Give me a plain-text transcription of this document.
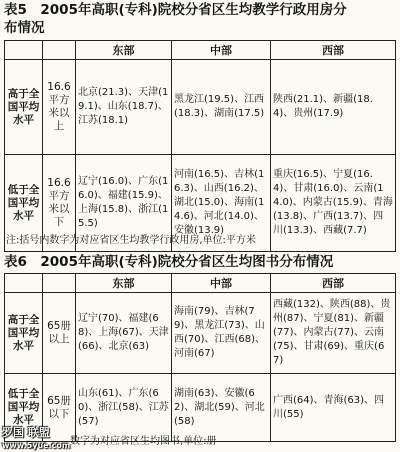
表5　2005年高职(专科)院校分省区生均教学行政用房分
布情况
		东部	中部	西部
高于全国平均水平	16.6平方米以上	北京(21.3)、天津(19.1)、山东(18.7)、江苏(18.1)	黑龙江(19.5)、江西(18.3)、湖南(17.5)	陕西(21.1)、新疆(18.4)、贵州(17.9)
低于全国平均水平	16.6平方米以下	辽宁(16.0)、广东(16.0)、福建(15.9)、上海(15.8)、浙江(15.5)	河南(16.5)、吉林(16.3)、山西(16.2)、湖北(15.0)、海南(14.6)、河北(14.0)、安徽(13.9)	重庆(16.5)、宁夏(16.4)、甘肃(16.0)、云南(14.0)、内蒙古(15.9)、青海(13.8)、广西(13.7)、四川(13.3)、西藏(7.7)
注:括号内数字为对应省区生均教学行政用房,单位:平方米
表6　2005年高职(专科)院校分省区生均图书分布情况
		东部	中部	西部
高于全国平均水平	65册以上	辽宁(70)、福建(68)、上海(67)、天津(66)、北京(63)	海南(79)、吉林(79)、黑龙江(73)、山西(70)、江西(68)、河南(67)	西藏(132)、陕西(88)、贵州(87)、宁夏(81)、新疆(77)、内蒙古(77)、云南(75)、甘肃(69)、重庆(67)
低于全国平均水平	65册以下	山东(61)、广东(60)、浙江(58)、江苏(57)	湖南(63)、安徽(62)、湖北(59)、河北(58)	广西(64)、青海(63)、四川(55)
数字为对应省区生均图书,单位:册
罗国 联盟
www.5yue.com
